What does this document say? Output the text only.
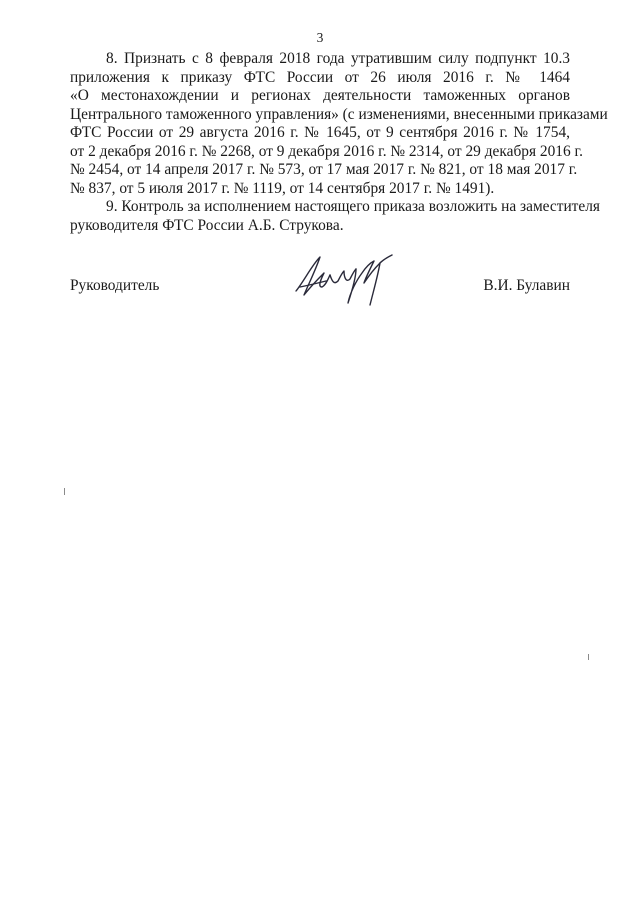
3
8. Признать с 8 февраля 2018 года утратившим силу подпункт 10.3
приложения к приказу ФТС России от 26 июля 2016 г. № 1464
«О местонахождении и регионах деятельности таможенных органов
Центрального таможенного управления» (с изменениями, внесенными приказами
ФТС России от 29 августа 2016 г. № 1645, от 9 сентября 2016 г. № 1754,
от 2 декабря 2016 г. № 2268, от 9 декабря 2016 г. № 2314, от 29 декабря 2016 г.
№ 2454, от 14 апреля 2017 г. № 573, от 17 мая 2017 г. № 821, от 18 мая 2017 г.
№ 837, от 5 июля 2017 г. № 1119, от 14 сентября 2017 г. № 1491).
9. Контроль за исполнением настоящего приказа возложить на заместителя
руководителя ФТС России А.Б. Струкова.
Руководитель	В.И. Булавин
